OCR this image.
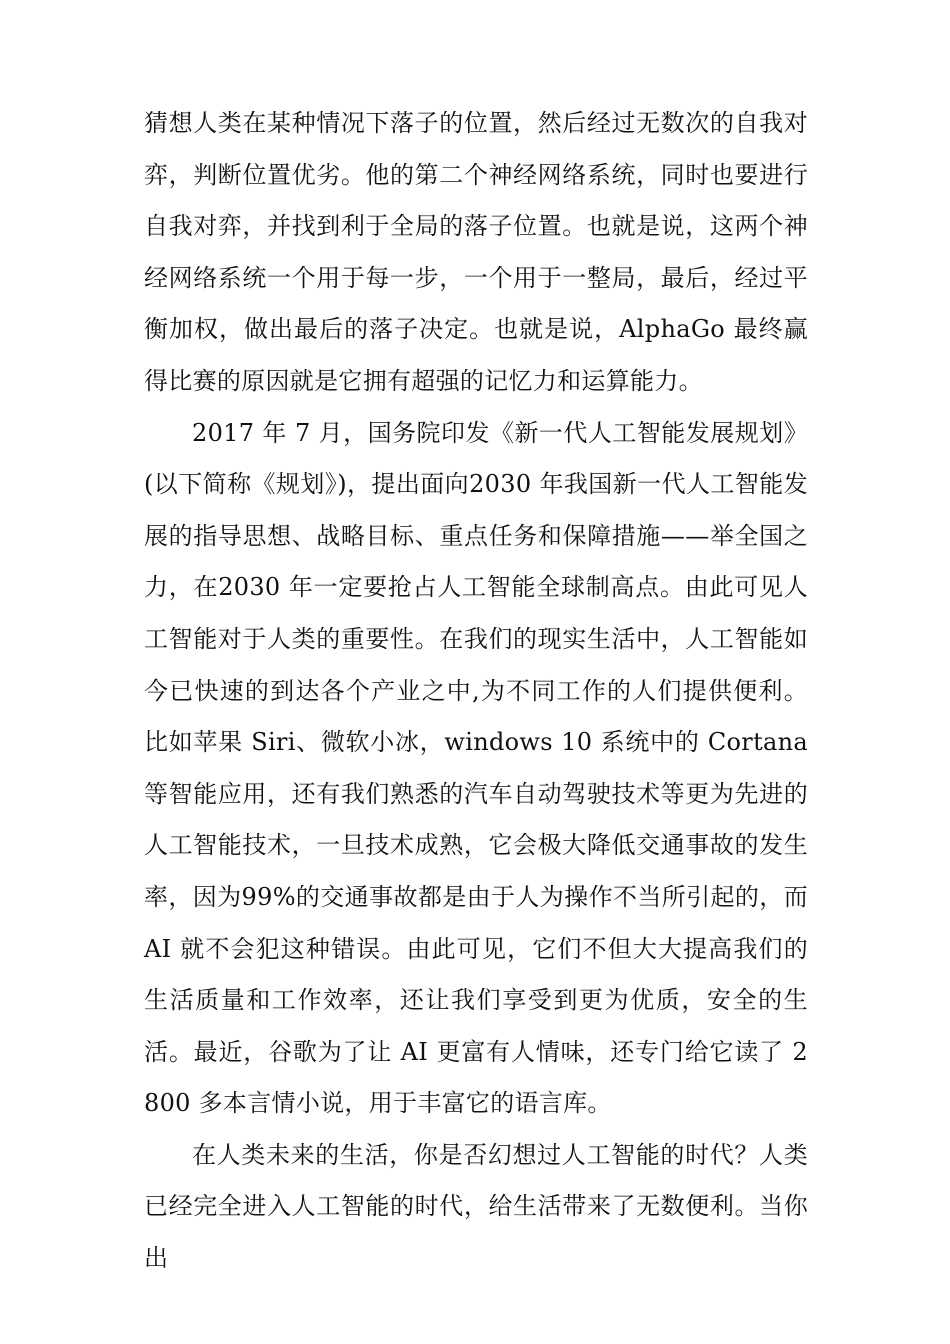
猜想人类在某种情况下落子的位置，然后经过无数次的自我对弈，判断位置优劣。他的第二个神经网络系统，同时也要进行自我对弈，并找到利于全局的落子位置。也就是说，这两个神经网络系统一个用于每一步，一个用于一整局，最后，经过平衡加权，做出最后的落子决定。也就是说，AlphaGo 最终赢得比赛的原因就是它拥有超强的记忆力和运算能力。

2017 年 7 月，国务院印发《新一代人工智能发展规划》(以下简称《规划》)，提出面向2030 年我国新一代人工智能发展的指导思想、战略目标、重点任务和保障措施——举全国之力，在2030 年一定要抢占人工智能全球制高点。由此可见人工智能对于人类的重要性。在我们的现实生活中，人工智能如今已快速的到达各个产业之中,为不同工作的人们提供便利。比如苹果 Siri、微软小冰，windows 10 系统中的 Cortana 等智能应用，还有我们熟悉的汽车自动驾驶技术等更为先进的人工智能技术，一旦技术成熟，它会极大降低交通事故的发生率，因为99%的交通事故都是由于人为操作不当所引起的，而 AI 就不会犯这种错误。由此可见，它们不但大大提高我们的生活质量和工作效率，还让我们享受到更为优质，安全的生活。最近，谷歌为了让 AI 更富有人情味，还专门给它读了 2800 多本言情小说，用于丰富它的语言库。

在人类未来的生活，你是否幻想过人工智能的时代？人类已经完全进入人工智能的时代，给生活带来了无数便利。当你出
